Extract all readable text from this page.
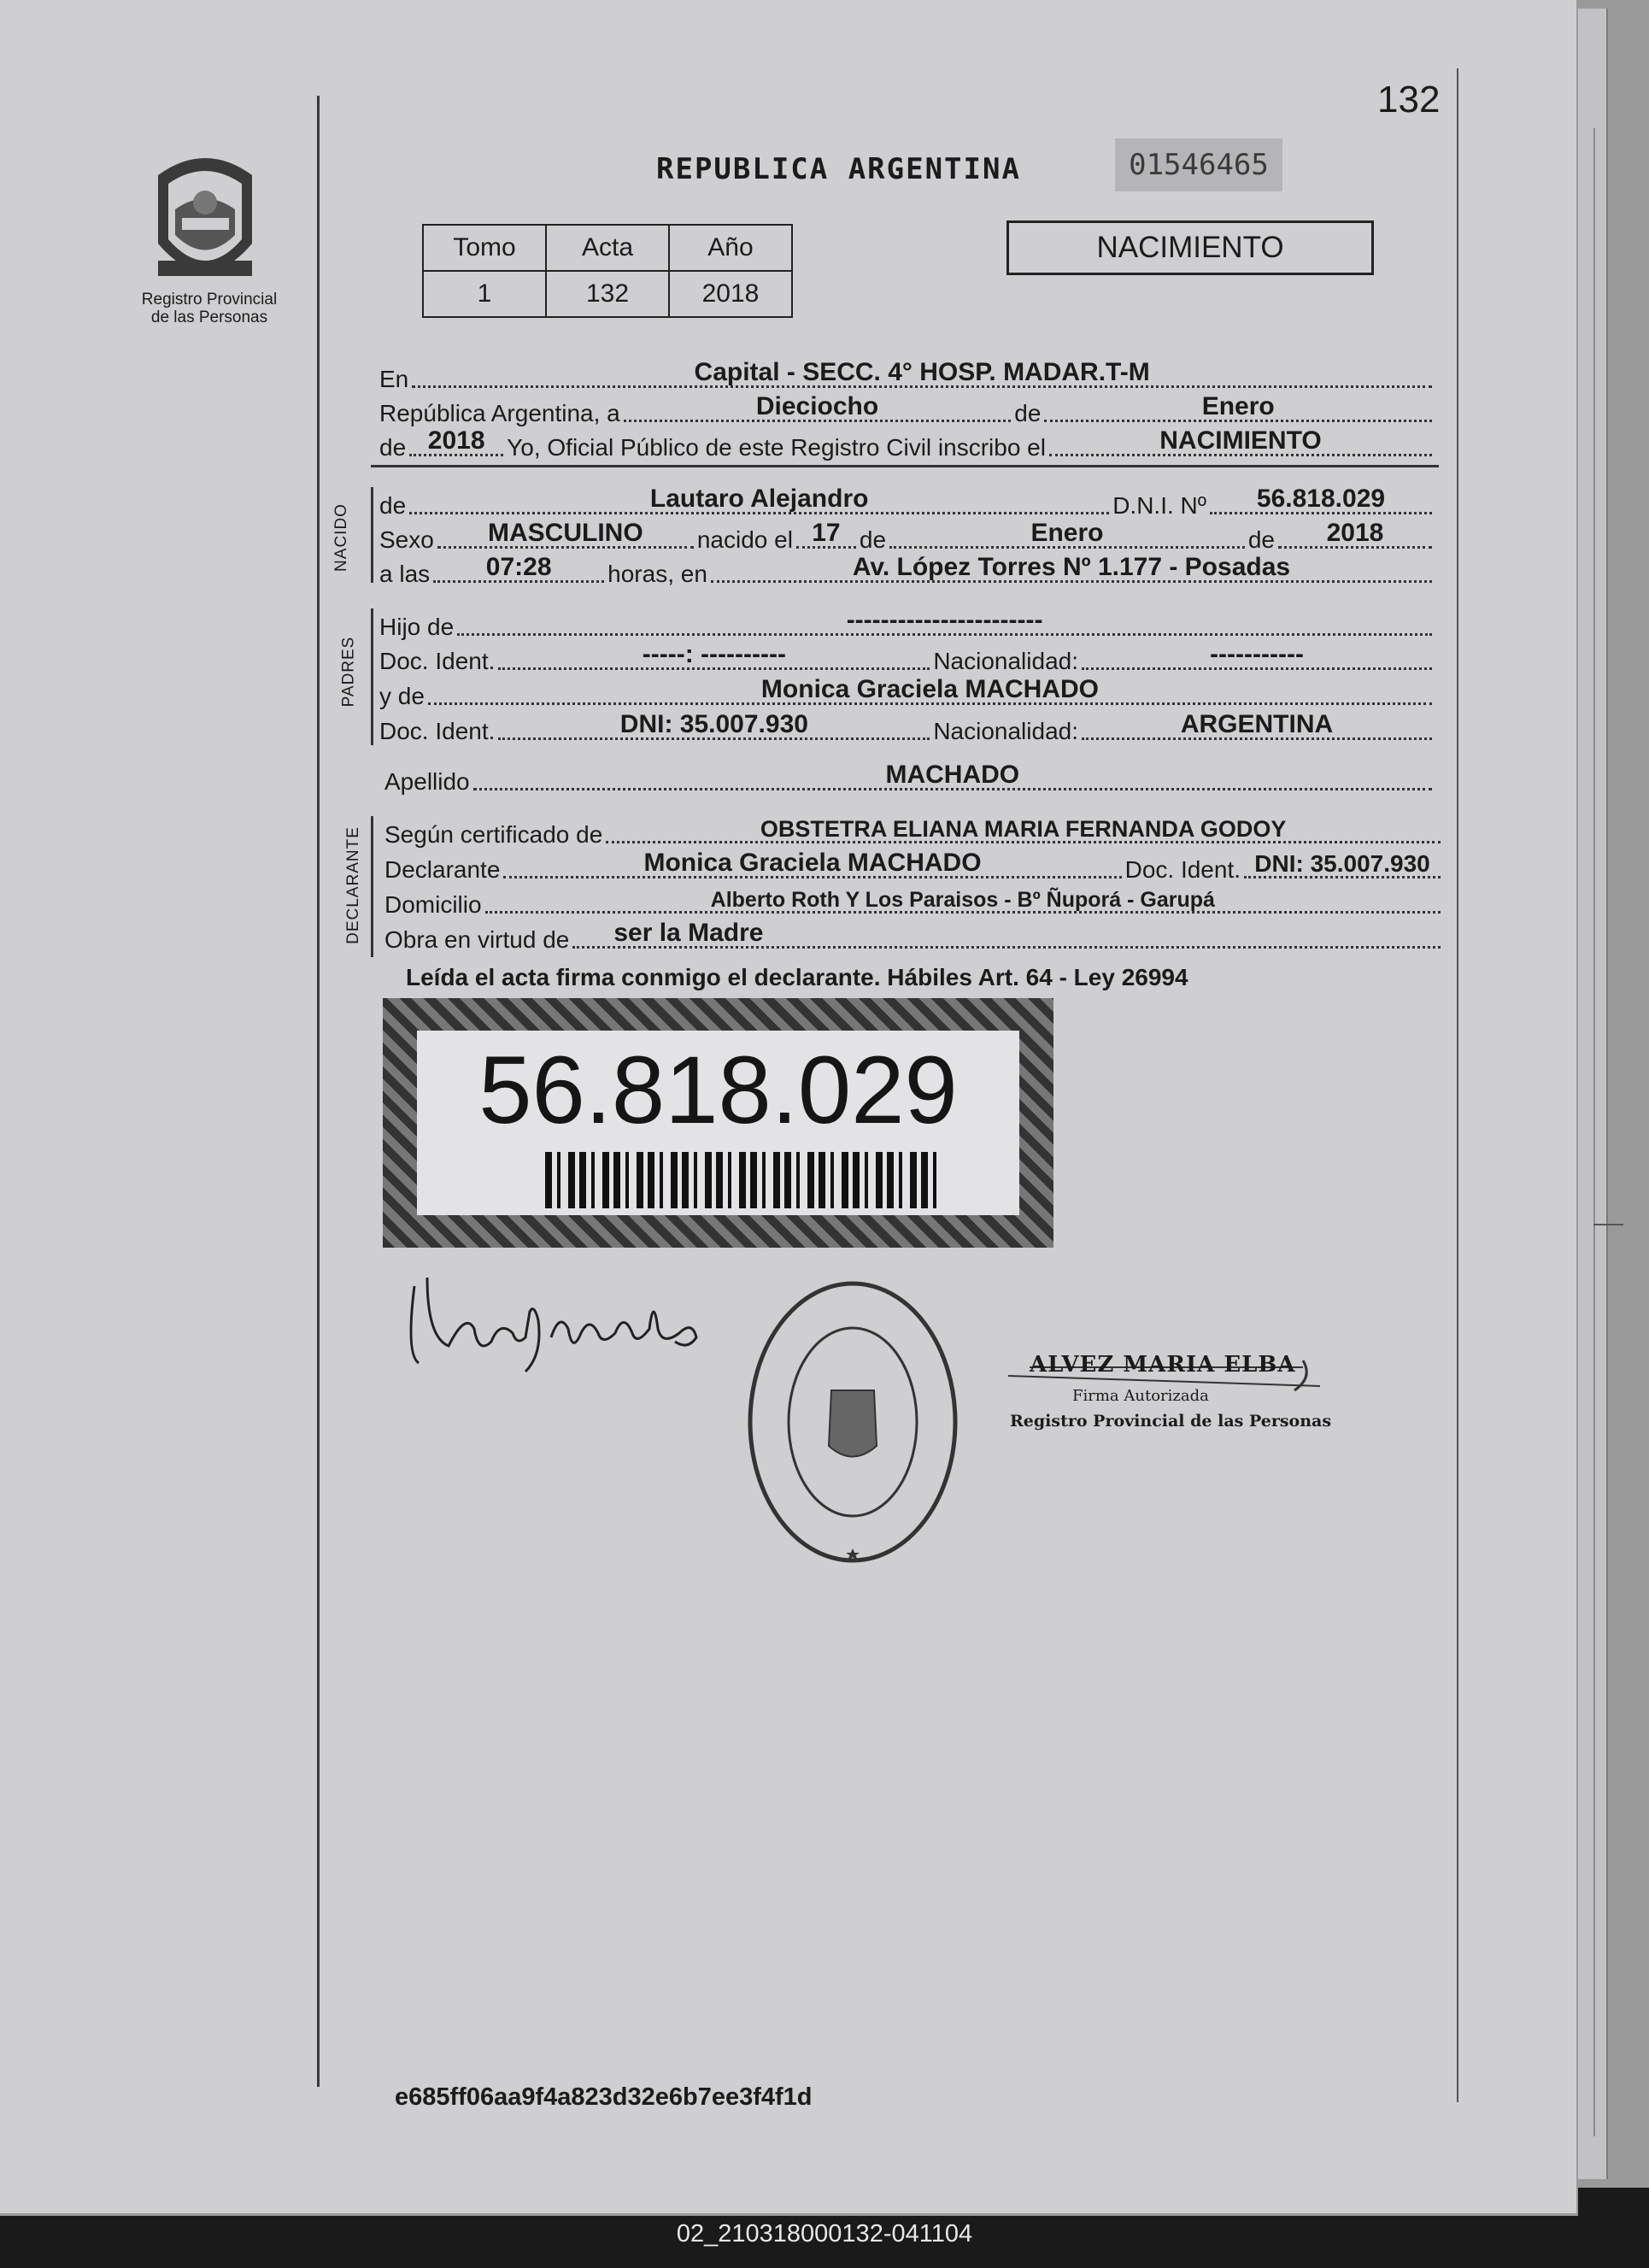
132
Registro Provincial
de las Personas
REPUBLICA ARGENTINA	01546465
Tomo	Acta	Año
1	132	2018
NACIMIENTO
En	Capital - SECC. 4° HOSP. MADAR.T-M
República Argentina, a	Dieciocho	de	Enero
de 2018 Yo, Oficial Público de este Registro Civil inscribo el	NACIMIENTO
NACIDO de	Lautaro Alejandro	D.N.I. Nº	56.818.029
Sexo	MASCULINO	nacido el 17 de	Enero	de	2018
a las	07:28	horas, en	Av. López Torres Nº 1.177 - Posadas
PADRES
Hijo de	-----------------------
Doc. Ident.	-----: ----------	Nacionalidad:	-----------
y de	Monica Graciela MACHADO
Doc. Ident.	DNI: 35.007.930	Nacionalidad:	ARGENTINA
Apellido	MACHADO
DECLARANTE Según certificado de	OBSTETRA ELIANA MARIA FERNANDA GODOY
Declarante	Monica Graciela MACHADO	Doc. Ident. DNI: 35.007.930
Domicilio	Alberto Roth Y Los Paraisos - Bº Ñuporá - Garupá
Obra en virtud de	ser la Madre
Leída el acta firma conmigo el declarante. Hábiles Art. 64 - Ley 26994
56.818.029
ALVEZ MARIA ELBA
Firma Autorizada
Registro Provincial de las Personas
e685ff06aa9f4a823d32e6b7ee3f4f1d
02_210318000132-041104
